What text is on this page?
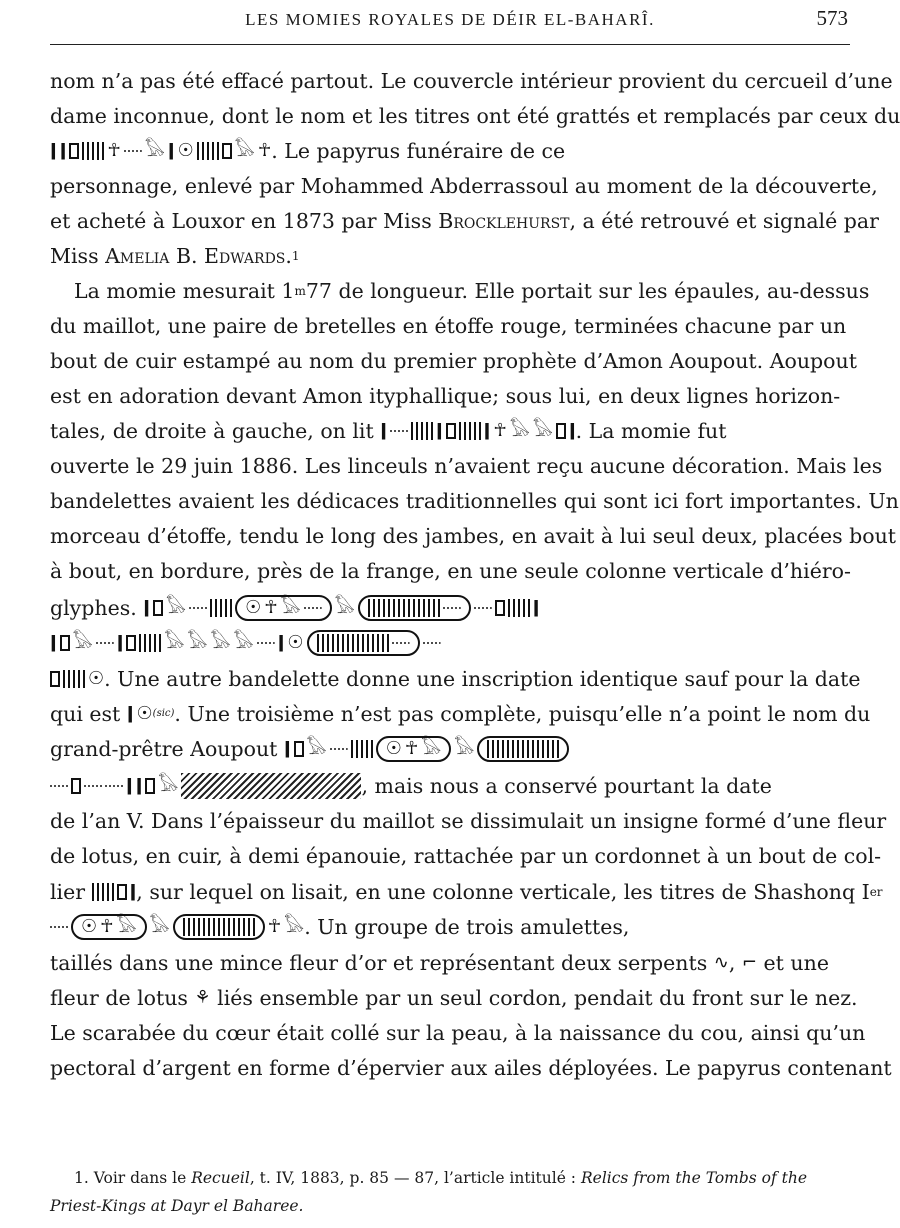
LES MOMIES ROYALES DE DÉIR EL-BAHARÎ.	573
nom n’a pas été effacé partout. Le couvercle intérieur provient du cercueil d’une
dame inconnue, dont le nom et les titres ont été grattés et remplacés par ceux du
ǀ
ǀ
☥
𓅃
ǀ
☉
𓅃
☥
. Le papyrus funéraire de ce
personnage, enlevé par Mohammed Abderrassoul au moment de la découverte,
et acheté à Louxor en 1873 par Miss
Brocklehurst , a été retrouvé et signalé par
Miss
Amelia B. Edwards. 1
La momie mesurait 1 m 77 de longueur. Elle portait sur les épaules, au-dessus
du maillot, une paire de bretelles en étoffe rouge, terminées chacune par un
bout de cuir estampé au nom du premier prophète d’Amon Aoupout. Aoupout
est en adoration devant Amon ityphallique; sous lui, en deux lignes horizon-
tales, de droite à gauche, on lit
ǀ ǀ ǀ ☥ 𓅃 𓅃 ǀ	. La momie fut
ouverte le 29 juin 1886. Les linceuls n’avaient reçu aucune décoration. Mais les
bandelettes avaient les dédicaces traditionnelles qui sont ici fort importantes. Un
morceau d’étoffe, tendu le long des jambes, en avait à lui seul deux, placées bout
à bout, en bordure, près de la frange, en une seule colonne verticale d’hiéro-
glyphes.

ǀ
𓅃
☉
☥
𓅃
𓅃
ǀ
ǀ
𓅃
ǀ
𓅃
𓅃
𓅃
𓅃
ǀ
☉
☉
. Une autre bandelette donne une inscription identique sauf pour la date
qui est
ǀ ☉	(sic) . Une troisième n’est pas complète, puisqu’elle n’a point le nom du
grand-prêtre Aoupout

ǀ
𓅃
☉
☥
𓅃
𓅃
ǀ
ǀ
𓅃
, mais nous a conservé pourtant la date
de l’an V. Dans l’épaisseur du maillot se dissimulait un insigne formé d’une fleur
de lotus, en cuir, à demi épanouie, rattachée par un cordonnet à un bout de col-
lier
ǀ , sur lequel on lisait, en une colonne verticale, les titres de Shashonq I er
☉
☥
𓅃
𓅃
☥
𓅃
. Un groupe de trois amulettes,
taillés dans une mince fleur d’or et représentant deux serpents
∿ ,
⌐
et une
fleur de lotus
⚘
liés ensemble par un seul cordon, pendait du front sur le nez.
Le scarabée du cœur était collé sur la peau, à la naissance du cou, ainsi qu’un
pectoral d’argent en forme d’épervier aux ailes déployées. Le papyrus contenant
1. Voir dans le
Recueil , t. IV, 1883, p. 85 — 87, l’article intitulé :
Relics from the Tombs of the
Priest-Kings at Dayr el Baharee.
